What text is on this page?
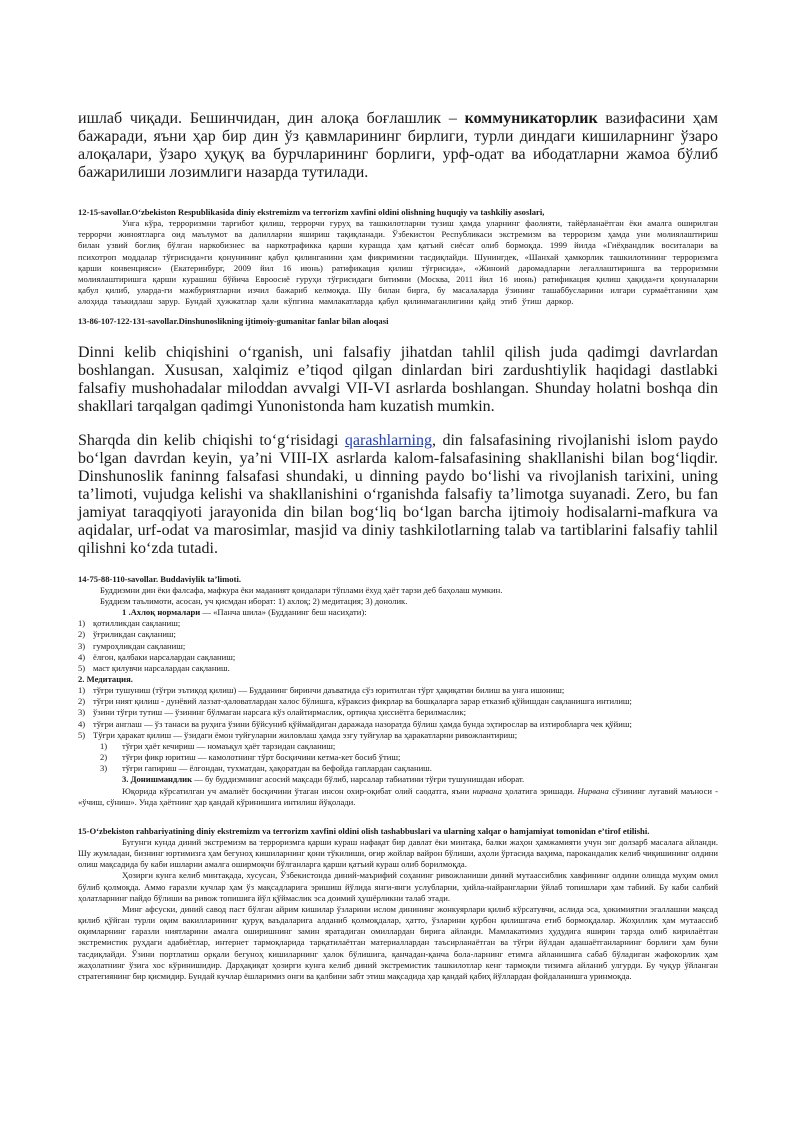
ишлаб чиқади. Бешинчидан, дин алоқа боғлашлик – коммуникаторлик вазифасини ҳам бажаради, яъни ҳар бир дин ўз қавмларининг бирлиги, турли диндаги кишиларнинг ўзаро алоқалари, ўзаро ҳуқуқ ва бурчларининг борлиги, урф-одат ва ибодатларни жамоа бўлиб бажарилиши лозимлиги назарда тутилади.

12-15-savollar.O‘zbekiston Respublikasida diniy ekstremizm va terrorizm xavfini oldini olishning huquqiy va tashkiliy asoslari,

Унга кўра, терроризмни тарғибот қилиш, террорчи гуруҳ ва ташкилотларни тузиш ҳамда уларнинг фаолияти, тайёрланаётган ёки амалга оширилган террорчи жиноятларга оид маълумот ва далилларни яшириш тақиқланади. Ўзбекистон Республикаси экстремизм ва терроризм ҳамда уни молиялаштириш билан узвий боғлиқ бўлган наркобизнес ва наркотрафикка қарши курашда ҳам қатъий сиёсат олиб бормоқда. 1999 йилда «Гиёҳвандлик воситалари ва психотроп моддалар тўғрисида»ги қонунининг қабул қилинганини ҳам фикримизни тасдиқлайди. Шунингдек, «Шанхай ҳамкорлик ташкилотининг терроризмга қарши конвенцияси» (Екатеринбург, 2009 йил 16 июнь) ратификация қилиш тўғрисида», «Жиноий даромадларни легаллаштиришга ва терроризмни молиялаштиришга қарши курашиш бўйича Евроосиё гуруҳи тўғрисидаги битимни (Москва, 2011 йил 16 июнь) ратификация қилиш ҳақида»ги қонуналарни қабул қилиб, уларда-ги мажбуриятларни изчил бажариб келмоқда. Шу билан бирга, бу масалаларда ўзининг ташаббусларини илгари сурмаётганини ҳам алоҳида таъкидлаш зарур. Бундай ҳужжатлар ҳали кўпгина мамлакатларда қабул қилинмаганлигини қайд этиб ўтиш даркор.

13-86-107-122-131-savollar.Dinshunoslikning ijtimoiy-gumanitar fanlar bilan aloqasi

Dinni kelib chiqishini o‘rganish, uni falsafiy jihatdan tahlil qilish juda qadimgi davrlardan boshlangan. Xususan, xalqimiz e’tiqod qilgan dinlardan biri zardushtiylik haqidagi dastlabki falsafiy mushohadalar miloddan avvalgi VII-VI asrlarda boshlangan. Shunday holatni boshqa din shakllari tarqalgan qadimgi Yunonistonda ham kuzatish mumkin.

Sharqda din kelib chiqishi to‘g‘risidagi qarashlarning, din falsafasining rivojlanishi islom paydo bo‘lgan davrdan keyin, ya’ni VIII-IX asrlarda kalom-falsafasining shakllanishi bilan bog‘liqdir. Dinshunoslik faninng falsafasi shundaki, u dinning paydo bo‘lishi va rivojlanish tarixini, uning ta’limoti, vujudga kelishi va shakllanishini o‘rganishda falsafiy ta’limotga suyanadi. Zero, bu fan jamiyat taraqqiyoti jarayonida din bilan bog‘liq bo‘lgan barcha ijtimoiy hodisalarni-mafkura va aqidalar, urf-odat va marosimlar, masjid va diniy tashkilotlarning talab va tartiblarini falsafiy tahlil qilishni ko‘zda tutadi.

14-75-88-110-savollar. Buddaviylik ta’limoti.

Буддизмни дин ёки фалсафа, мафкура ёки маданият қоидалари тўплами ёхуд ҳаёт тарзи деб баҳолаш мумкин.

Буддизм таълимоти, асосан, уч қисмдан иборат: 1) ахлоқ; 2) медитация; 3) донолик.

1 .Ахлоқ нормалари — «Панча шила» (Будданинг беш насиҳати):

1) қотилликдан сақланиш;
2) ўғриликдан сақланиш;
3) гумроҳликдан сақланиш;
4) ёлғон, қалбаки нарсалардан сақланиш;
5) маст қилувчи нарсалардан сақланиш.

2. Медитация.

1) тўғри тушуниш (тўғри эътиқод қилиш) — Будданинг биринчи даъватида сўз юритилган тўрт ҳақиқатни билиш ва унга ишониш;
2) тўғри ният қилиш - дунёвий лаззат-ҳаловатлардан халос бўлишга, кўраксиз фикрлар ва бошқаларга зарар етказиб қўйишдан сақланишга интилиш;
3) ўзини тўғри тутиш — ўзининг бўлмаган нарсага кўз олайтирмаслик, ортиқча ҳиссиётга берилмаслик;
4) тўғри англаш — ўз танаси ва руҳига ўзини бўйсуниб қўймайдиган даражада назоратда бўлиш ҳамда бунда эҳтирослар ва изтиробларга чек қўйиш;
5) Тўғри ҳаракат қилиш — ўзидаги ёмон туйғуларни жиловлаш ҳамда эзгу туйғулар ва ҳаракатларни ривожлантириш;
1)	тўғри ҳаёт кечириш — номаъқул ҳаёт тарзидан сақланиш;
2)	тўғри фикр юритиш — камолотнинг тўрт босқичини кетма-кет босиб ўтиш;
3)	тўғри гапириш — ёлғондан, тухматдан, ҳақоратдан ва бефойда гаплардан сақланиш.

3. Донишмандлик — бу буддизмнинг асосий мақсади бўлиб, нарсалар табиатини тўғри тушунишдан иборат.

Юқорида кўрсатилган уч амалиёт босқичини ўтаган инсон охир-оқибат олий саодатга, яъни нирвана ҳолатига эришади. Нирвана сўзининг луғавий маъноси - «ўчиш, сўниш». Унда ҳаётнинг ҳар қандай кўринишига интилиш йўқолади.

15-O‘zbekiston rahbariyatining diniy ekstremizm va terrorizm xavfini oldini olish tashabbuslari va ularning xalqar o hamjamiyat tomonidan e’tirof etilishi.

Бугунги кунда диний экстремизм ва терроризмга қарши кураш нафақат бир давлат ёки минтақа, балки жаҳон ҳамжамияти учун энг долзарб масалага айланди. Шу жумладан, бизнинг юртимизга ҳам бегуноҳ кишиларнинг қони тўкилиши, оғир жойлар вайрон бўлиши, аҳоли ўртасида ваҳима, парокандалик келиб чиқишининг олдини олиш мақсадида бу каби ишларни амалга оширмоқчи бўлганларга қарши қатъий кураш олиб борилмоқда.

Ҳозирги кунга келиб минтақада, хусусан, Ўзбекистонда диний-маърифий соҳанинг ривожланиши диний мутаассиблик хавфининг олдини олишда муҳим омил бўлиб қолмоқда. Аммо ғаразли кучлар ҳам ўз мақсадларига эришиш йўлида янги-янги услубларни, ҳийла-найрангларни ўйлаб топишлари ҳам табиий. Бу каби салбий ҳолатларнинг пайдо бўлиши ва ривож топишига йўл қўймаслик эса доимий ҳушёрликни талаб этади.

Минг афсуски, диний савод паст бўлган айрим кишилар ўзларини ислом динининг жонкуярлари қилиб кўрсатувчи, аслида эса, ҳокимиятни эгаллашни мақсад қилиб қўйган турли оқим вакилларининг қуруқ ваъдаларига алданиб қолмоқдалар, ҳатто, ўзларини қурбон қилишгача етиб бормоқдалар. Жоҳиллик ҳам мутаассиб оқимларнинг ғаразли ниятларини амалга оширишнинг замин яратадиган омиллардан бирига айланди. Мамлакатимиз ҳудудига яширин тарзда олиб кирилаётган экстремистик руҳдаги адабиётлар, интернет тармоқларида тарқатилаётган материаллардан таъсирланаётган ва тўғри йўлдан адашаётганларнинг борлиги ҳам буни тасдиқлайди. Ўзини портлатиш орқали бегуноҳ кишиларнинг ҳалок бўлишига, қанчадан-қанча бола-ларнинг етимга айланишига сабаб бўладиган жафокорлик ҳам жаҳолатнинг ўзига хос кўринишидир. Дарҳақиқат ҳозирги кунга келиб диний экстремистик ташкилотлар кенг тармоқли тизимга айланиб улгурди. Бу чуқур ўйланган стратегиянинг бир қисмидир. Бундай кучлар ёшларимиз онги ва қалбини забт этиш мақсадида ҳар қандай қабиҳ йўллардан фойдаланишга уринмоқда.
